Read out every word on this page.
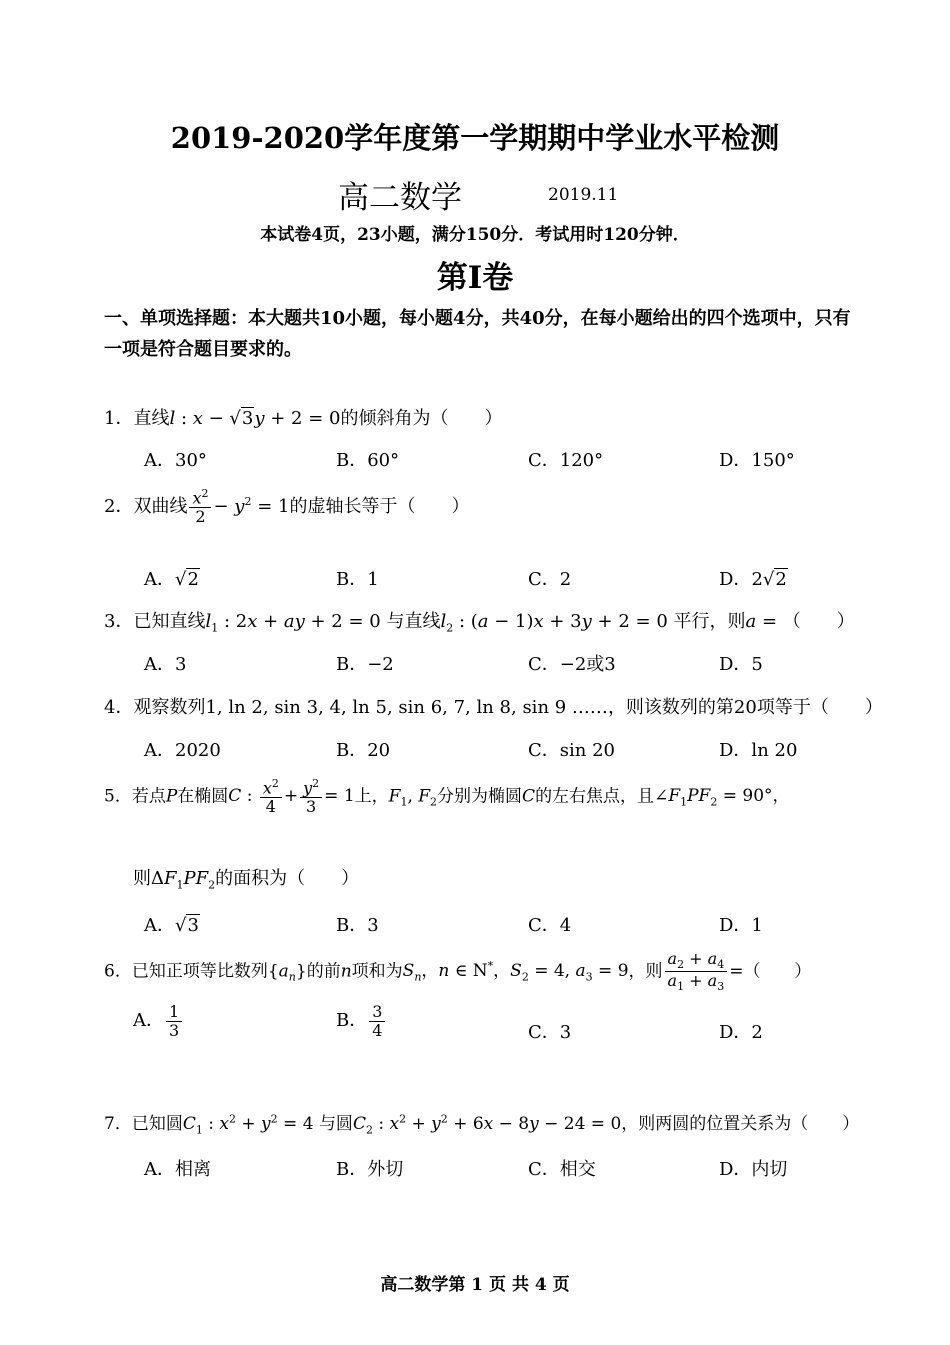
2019-2020学年度第一学期期中学业水平检测
高二数学	2019.11
本试卷4页，23小题，满分150分．考试用时120分钟．
第Ⅰ卷
一、单项选择题：本大题共10小题，每小题4分，共40分，在每小题给出的四个选项中，只有一项是符合题目要求的。
1．直线l : x − √3y + 2 = 0的倾斜角为（　　）
A．30°	B．60°	C．120°	D．150°
2．双曲线 $\frac{x^2}{2} - y^2 = 1$的虚轴长等于（　　）
A．√2	B．1	C．2	D．2√2
3．已知直线$l_1$ : 2x + ay + 2 = 0 与直线$l_2$ : (a − 1)x + 3y + 2 = 0 平行，则a = （　　）
A．3	B．−2	C．−2或3	D．5
4．观察数列1, ln 2, sin 3, 4, ln 5, sin 6, 7, ln 8, sin 9 ……，则该数列的第20项等于（　　）
A．2020	B．20	C．sin 20	D．ln 20
5．若点P在椭圆C : $\frac{x^2}{4} + \frac{y^2}{3} = 1$上，$F_1$, $F_2$分别为椭圆C的左右焦点，且$\angle F_1PF_2 = 90^\circ$，
则$\Delta F_1PF_2$的面积为（　　）
A．√3	B．3	C．4	D．1
6．已知正项等比数列$\{a_n\}$的前n项和为$S_n$，n ∈ N*，$S_2 = 4$, $a_3 = 9$，则 $\frac{a_2 + a_4}{a_1 + a_3}$ =（　　）
A． $\frac{1}{3}$	B． $\frac{3}{4}$	C．3	D．2
7．已知圆$C_1$ : $x^2 + y^2 = 4$ 与圆$C_2$ : $x^2 + y^2 + 6x - 8y - 24 = 0$，则两圆的位置关系为（　　）
A．相离	B．外切	C．相交	D．内切
高二数学第 1 页 共 4 页
